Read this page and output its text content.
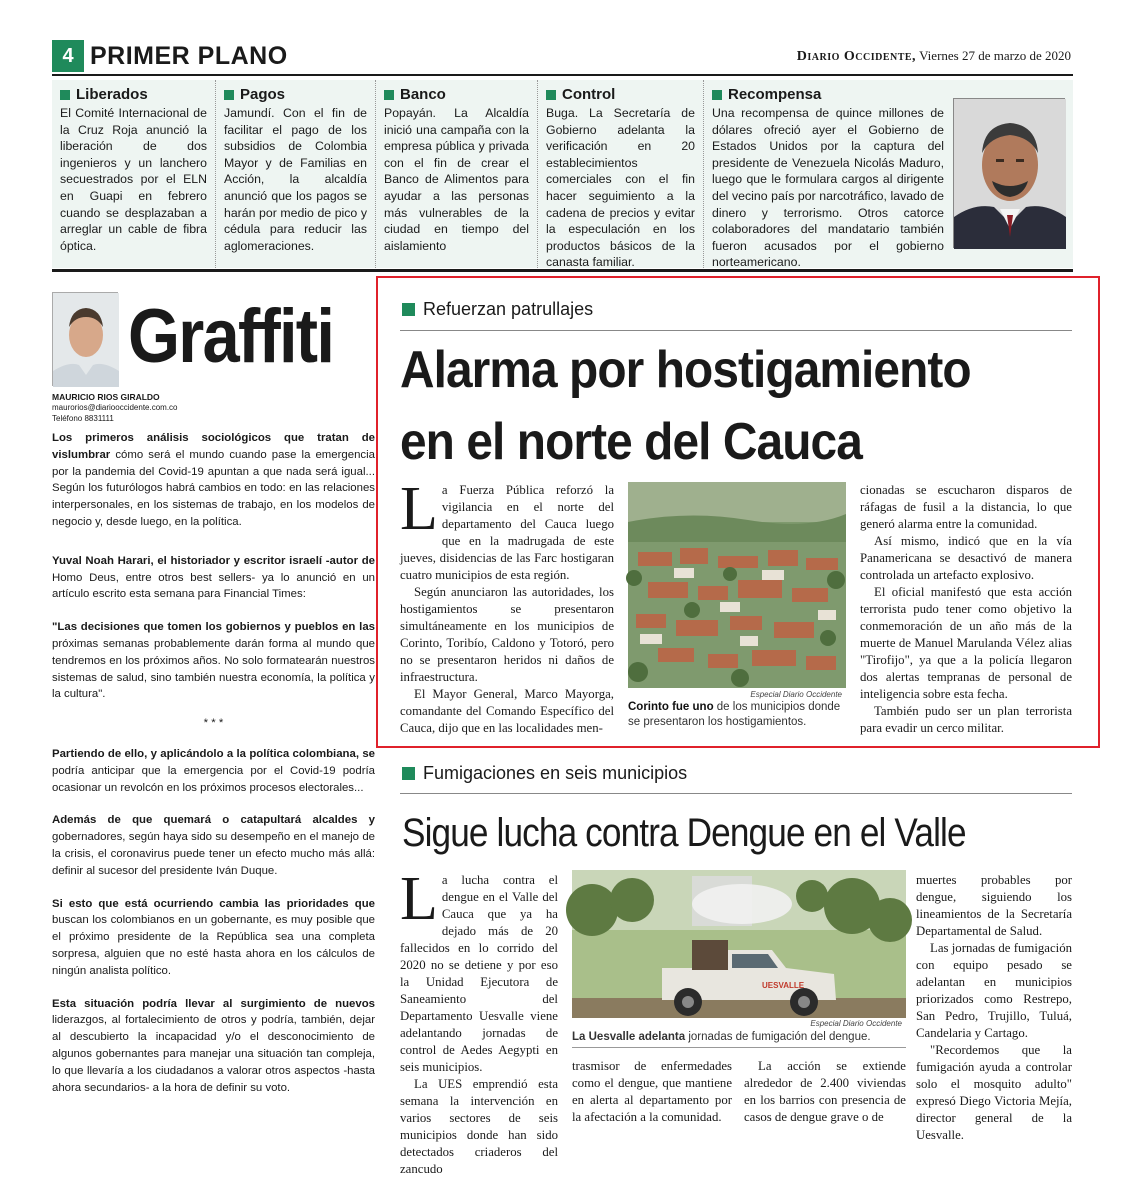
4 PRIMER PLANO	Diario Occidente, Viernes 27 de marzo de 2020
Liberados
El Comité Internacional de la Cruz Roja anunció la liberación de dos ingenieros y un lanchero secuestrados por el ELN en Guapi en febrero cuando se desplazaban a arreglar un cable de fibra óptica.
Pagos
Jamundí. Con el fin de facilitar el pago de los subsidios de Colombia Mayor y de Familias en Acción, la alcaldía anunció que los pagos se harán por medio de pico y cédula para reducir las aglomeraciones.
Banco
Popayán. La Alcaldía inició una campaña con la empresa pública y privada con el fin de crear el Banco de Alimentos para ayudar a las personas más vulnerables de la ciudad en tiempo del aislamiento
Control
Buga. La Secretaría de Gobierno adelanta la verificación en 20 establecimientos comerciales con el fin hacer seguimiento a la cadena de precios y evitar la especulación en los productos básicos de la canasta familiar.
Recompensa
Una recompensa de quince millones de dólares ofreció ayer el Gobierno de Estados Unidos por la captura del presidente de Venezuela Nicolás Maduro, luego que le formulara cargos al dirigente del vecino país por narcotráfico, lavado de dinero y terrorismo. Otros catorce colaboradores del mandatario también fueron acusados por el gobierno norteamericano.
Graffiti
MAURICIO RIOS GIRALDO
maurorios@diariooccidente.com.co
Teléfono 8831111

Los primeros análisis sociológicos que tratan de vislumbrar cómo será el mundo cuando pase la emergencia por la pandemia del Covid-19 apuntan a que nada será igual... Según los futurólogos habrá cambios en todo: en las relaciones interpersonales, en los sistemas de trabajo, en los modelos de negocio y, desde luego, en la política.

Yuval Noah Harari, el historiador y escritor israelí -autor de Homo Deus, entre otros best sellers- ya lo anunció en un artículo escrito esta semana para Financial Times:

"Las decisiones que tomen los gobiernos y pueblos en las próximas semanas probablemente darán forma al mundo que tendremos en los próximos años. No solo formatearán nuestros sistemas de salud, sino también nuestra economía, la política y la cultura".

* * *

Partiendo de ello, y aplicándolo a la política colombiana, se podría anticipar que la emergencia por el Covid-19 podría ocasionar un revolcón en los próximos procesos electorales...

Además de que quemará o catapultará alcaldes y gobernadores, según haya sido su desempeño en el manejo de la crisis, el coronavirus puede tener un efecto mucho más allá: definir al sucesor del presidente Iván Duque.

Si esto que está ocurriendo cambia las prioridades que buscan los colombianos en un gobernante, es muy posible que el próximo presidente de la República sea una completa sorpresa, alguien que no esté hasta ahora en los cálculos de ningún analista político.

Esta situación podría llevar al surgimiento de nuevos liderazgos, al fortalecimiento de otros y podría, también, dejar al descubierto la incapacidad y/o el desconocimiento de algunos gobernantes para manejar una situación tan compleja, lo que llevaría a los ciudadanos a valorar otros aspectos -hasta ahora secundarios- a la hora de definir su voto.

Refuerzan patrullajes
Alarma por hostigamiento
en el norte del Cauca

La Fuerza Pública reforzó la vigilancia en el norte del departamento del Cauca luego que en la madrugada de este jueves, disidencias de las Farc hostigaran cuatro municipios de esta región.

Según anunciaron las autoridades, los hostigamientos se presentaron simultáneamente en los municipios de Corinto, Toribío, Caldono y Totoró, pero no se presentaron heridos ni daños de infraestructura.

El Mayor General, Marco Mayorga, comandante del Comando Específico del Cauca, dijo que en las localidades men-

Especial Diario Occidente
Corinto fue uno de los municipios donde se presentaron los hostigamientos.

cionadas se escucharon disparos de ráfagas de fusil a la distancia, lo que generó alarma entre la comunidad.

Así mismo, indicó que en la vía Panamericana se desactivó de manera controlada un artefacto explosivo.

El oficial manifestó que esta acción terrorista pudo tener como objetivo la conmemoración de un año más de la muerte de Manuel Marulanda Vélez alias "Tirofijo", ya que a la policía llegaron dos alertas tempranas de personal de inteligencia sobre esta fecha.

También pudo ser un plan terrorista para evadir un cerco militar.

Fumigaciones en seis municipios
Sigue lucha contra Dengue en el Valle

La lucha contra el dengue en el Valle del Cauca que ya ha dejado más de 20 fallecidos en lo corrido del 2020 no se detiene y por eso la Unidad Ejecutora de Saneamiento del Departamento Uesvalle viene adelantando jornadas de control de Aedes Aegypti en seis municipios.

La UES emprendió esta semana la intervención en varios sectores de seis municipios donde han sido detectados criaderos del zancudo

UESVALLE
Especial Diario Occidente
La Uesvalle adelanta jornadas de fumigación del dengue.

trasmisor de enfermedades como el dengue, que mantiene en alerta al departamento por la afectación a la comunidad.

La acción se extiende alrededor de 2.400 viviendas en los barrios con presencia de casos de dengue grave o de

muertes probables por dengue, siguiendo los lineamientos de la Secretaría Departamental de Salud.

Las jornadas de fumigación con equipo pesado se adelantan en municipios priorizados como Restrepo, San Pedro, Trujillo, Tuluá, Candelaria y Cartago.

"Recordemos que la fumigación ayuda a controlar solo el mosquito adulto" expresó Diego Victoria Mejía, director general de la Uesvalle.
